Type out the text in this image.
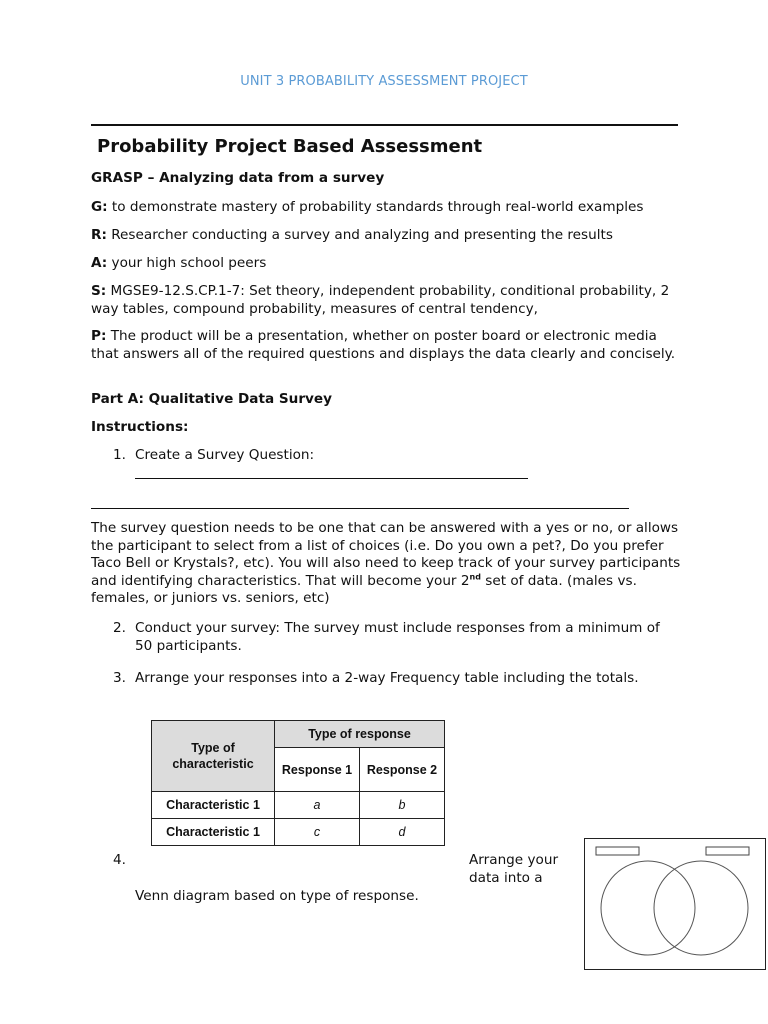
UNIT 3 PROBABILITY ASSESSMENT PROJECT
Probability Project Based Assessment
GRASP – Analyzing data from a survey
G: to demonstrate mastery of probability standards through real-world examples
R: Researcher conducting a survey and analyzing and presenting the results
A: your high school peers
S: MGSE9-12.S.CP.1-7: Set theory, independent probability, conditional probability, 2 way tables, compound probability, measures of central tendency,
P: The product will be a presentation, whether on poster board or electronic media that answers all of the required questions and displays the data clearly and concisely.
Part A: Qualitative Data Survey
Instructions:
1. Create a Survey Question:
The survey question needs to be one that can be answered with a yes or no, or allows the participant to select from a list of choices (i.e. Do you own a pet?, Do you prefer Taco Bell or Krystals?, etc). You will also need to keep track of your survey participants and identifying characteristics. That will become your 2nd set of data. (males vs. females, or juniors vs. seniors, etc)
2. Conduct your survey: The survey must include responses from a minimum of 50 participants.
3. Arrange your responses into a 2-way Frequency table including the totals.
Type of characteristic	Type of response	
	Response 1	Response 2
Characteristic 1	a	b
Characteristic 1	c	d
4.	Arrange your
data into a
Venn diagram based on type of response.
